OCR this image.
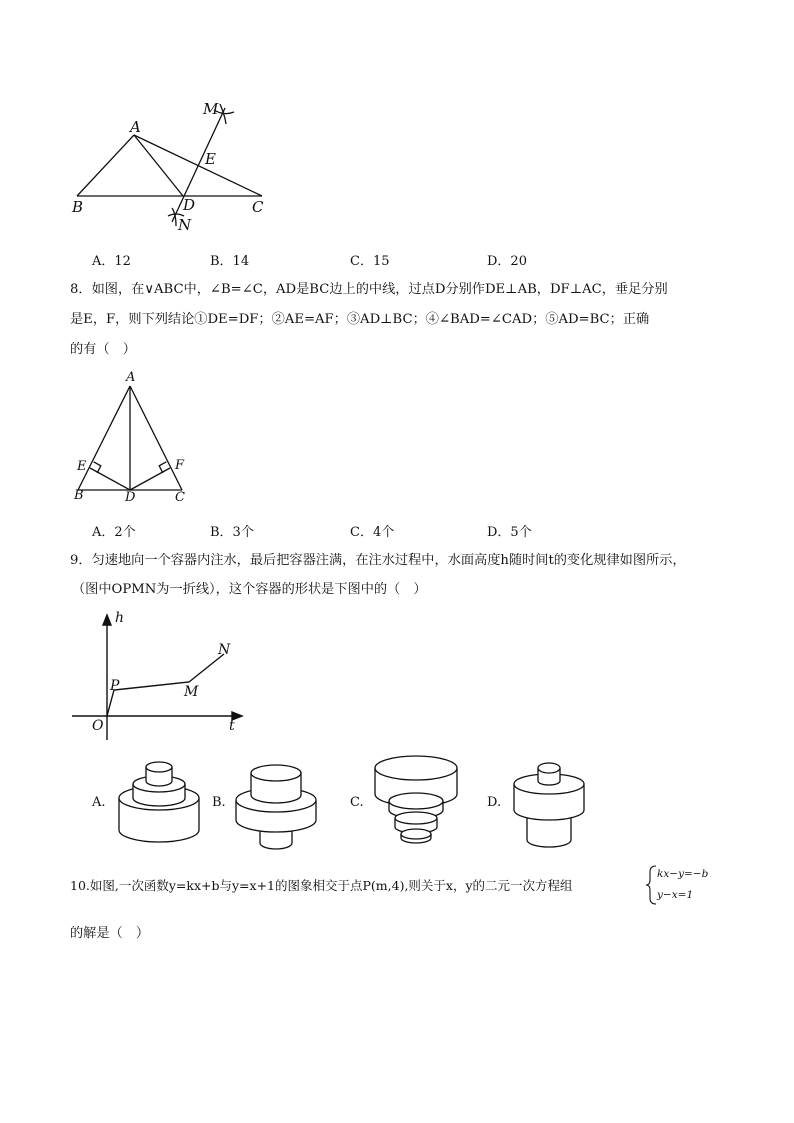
A
B	C
D
E
M
N
A．12	B．14	C．15	D．20
8．如图，在∨ABC中，∠B=∠C，AD是BC边上的中线，过点D分别作DE⊥AB，DF⊥AC，垂足分别
是E，F，则下列结论①DE=DF；②AE=AF；③AD⊥BC；④∠BAD=∠CAD；⑤AD=BC；正确
的有（　）
A
B	C
D
E	F
A．2个	B．3个	C．4个	D．5个
9．匀速地向一个容器内注水，最后把容器注满，在注水过程中，水面高度h随时间t的变化规律如图所示，
（图中OPMN为一折线），这个容器的形状是下图中的（　）
h
t
O
P	M
N
A.	B.	C.	D.
10.如图,一次函数y=kx+b与y=x+1的图象相交于点P(m,4),则关于x，y的二元一次方程组
kx−y=−b
y−x=1
的解是（　）
